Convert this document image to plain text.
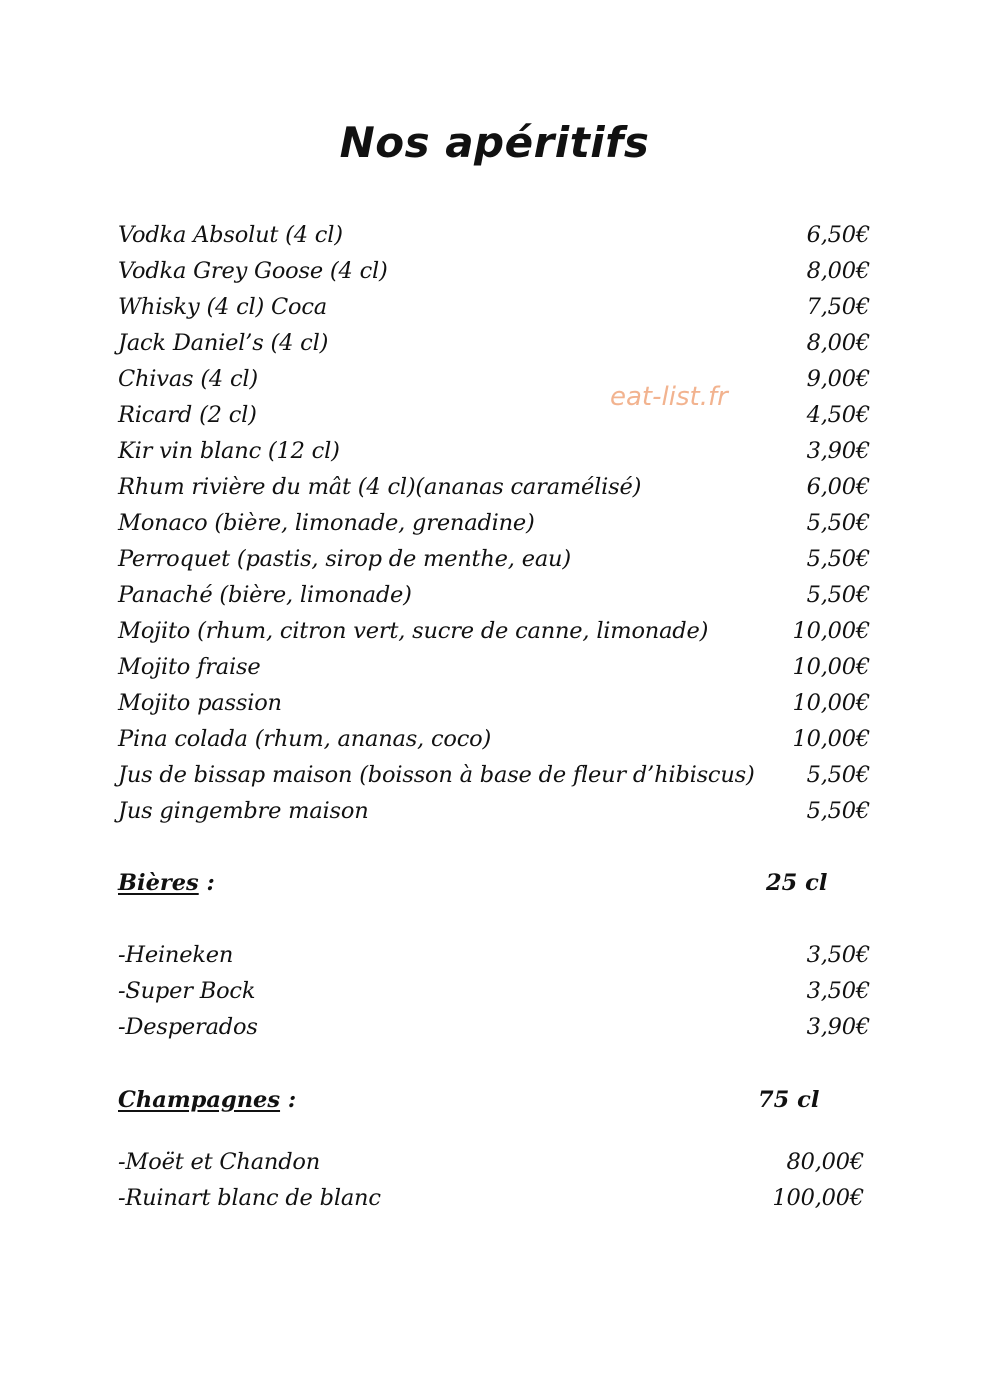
Nos apéritifs
eat-list.fr
Vodka Absolut (4 cl)	6,50€
Vodka Grey Goose (4 cl)	8,00€
Whisky (4 cl) Coca	7,50€
Jack Daniel’s (4 cl)	8,00€
Chivas (4 cl)	9,00€
Ricard (2 cl)	4,50€
Kir vin blanc (12 cl)	3,90€
Rhum rivière du mât (4 cl)(ananas caramélisé)	6,00€
Monaco (bière, limonade, grenadine)	5,50€
Perroquet (pastis, sirop de menthe, eau)	5,50€
Panaché (bière, limonade)	5,50€
Mojito (rhum, citron vert, sucre de canne, limonade)	10,00€
Mojito fraise	10,00€
Mojito passion	10,00€
Pina colada (rhum, ananas, coco)	10,00€
Jus de bissap maison (boisson à base de fleur d’hibiscus) 5,50€
Jus gingembre maison	5,50€
Bières :	25 cl
-Heineken	3,50€
-Super Bock	3,50€
-Desperados	3,90€
Champagnes :	75 cl
-Moët et Chandon	80,00€
-Ruinart blanc de blanc	100,00€
